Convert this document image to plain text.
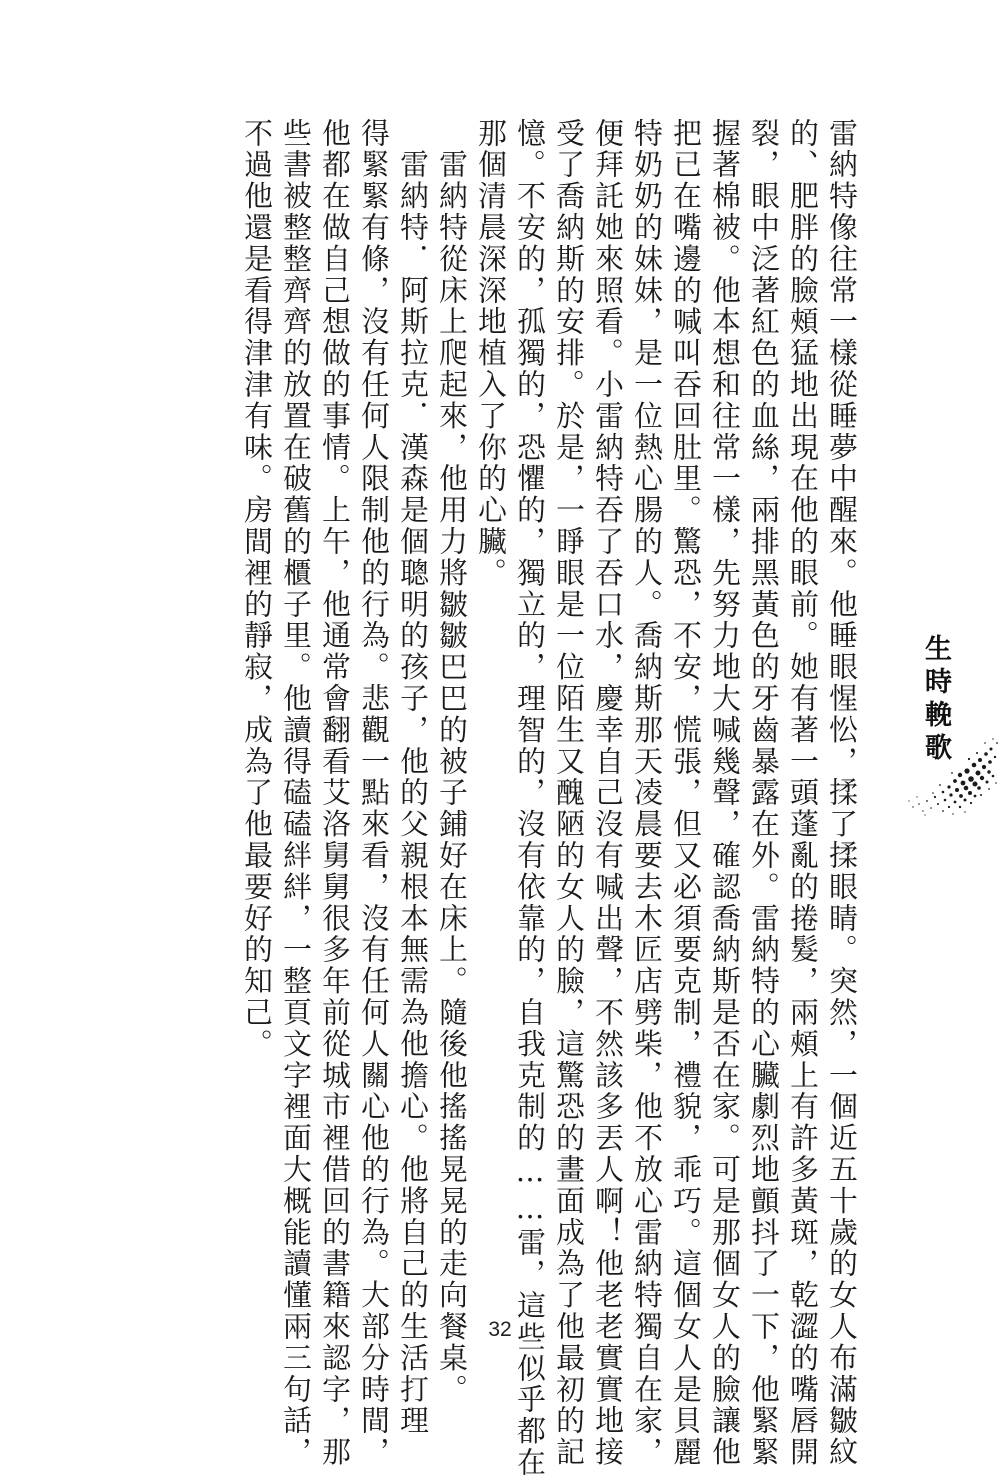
雷納特像往常一樣從睡夢中醒來。他睡眼惺忪，揉了揉眼睛。突然，一個近五十歲的女人布滿皺紋
的、肥胖的臉頰猛地出現在他的眼前。她有著一頭蓬亂的捲髮，兩頰上有許多黃斑，乾澀的嘴唇開
裂，眼中泛著紅色的血絲，兩排黑黃色的牙齒暴露在外。雷納特的心臟劇烈地顫抖了一下，他緊緊
握著棉被。他本想和往常一樣，先努力地大喊幾聲，確認喬納斯是否在家。可是那個女人的臉讓他
把已在嘴邊的喊叫吞回肚里。驚恐，不安，慌張，但又必須要克制，禮貌，乖巧。這個女人是貝麗
特奶奶的妹妹，是一位熱心腸的人。喬納斯那天凌晨要去木匠店劈柴，他不放心雷納特獨自在家，
便拜託她來照看。小雷納特吞了吞口水，慶幸自己沒有喊出聲，不然該多丟人啊！他老老實實地接
受了喬納斯的安排。於是，一睜眼是一位陌生又醜陋的女人的臉，這驚恐的畫面成為了他最初的記
憶。不安的，孤獨的，恐懼的，獨立的，理智的，沒有依靠的，自我克制的……雷，這些似乎都在
那個清晨深深地植入了你的心臟。
　雷納特從床上爬起來，他用力將皺皺巴巴的被子鋪好在床上。隨後他搖搖晃晃的走向餐桌。
　雷納特．阿斯拉克．漢森是個聰明的孩子，他的父親根本無需為他擔心。他將自己的生活打理
得緊緊有條，沒有任何人限制他的行為。悲觀一點來看，沒有任何人關心他的行為。大部分時間，
他都在做自己想做的事情。上午，他通常會翻看艾洛舅舅很多年前從城市裡借回的書籍來認字，那
些書被整整齊齊的放置在破舊的櫃子里。他讀得磕磕絆絆，一整頁文字裡面大概能讀懂兩三句話，
不過他還是看得津津有味。房間裡的靜寂，成為了他最要好的知己。	生時輓歌
32
